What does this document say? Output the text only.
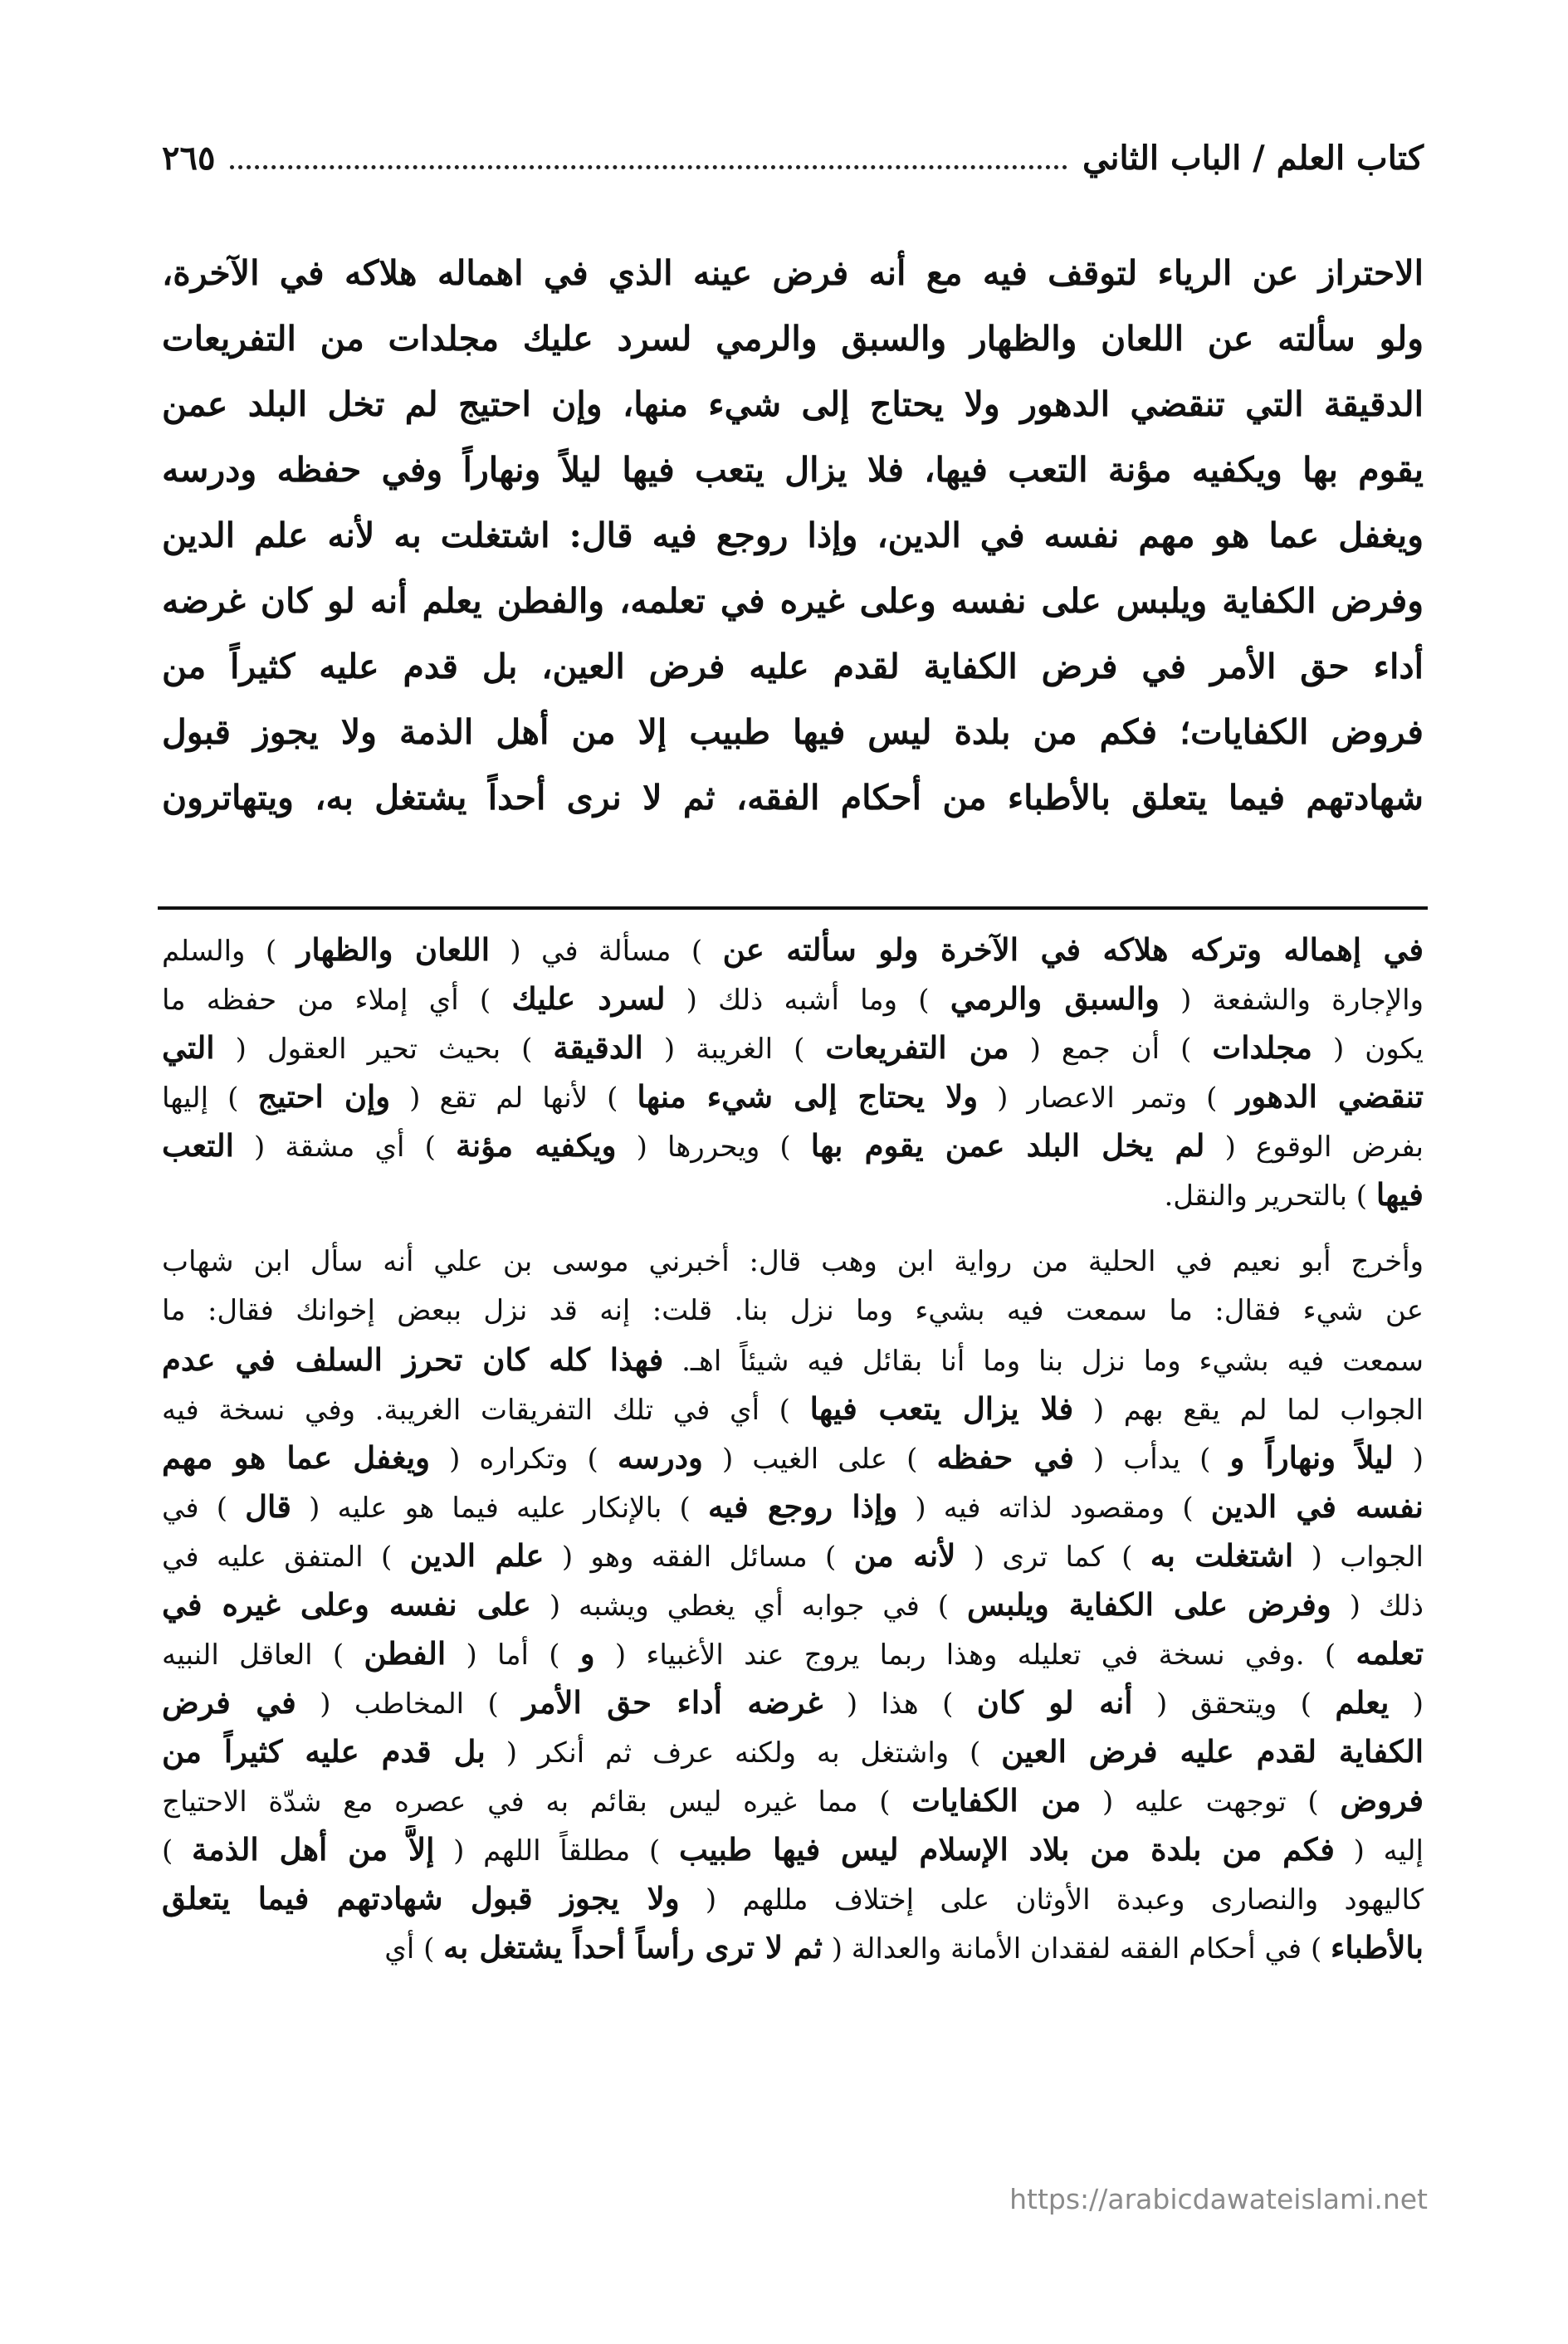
كتاب العلم / الباب الثاني
٢٦٥
الاحتراز عن الرياء لتوقف فيه مع أنه فرض عينه الذي في اهماله هلاكه في الآخرة،
ولو سألته عن اللعان والظهار والسبق والرمي لسرد عليك مجلدات من التفريعات
الدقيقة التي تنقضي الدهور ولا يحتاج إلى شيء منها، وإن احتيج لم تخل البلد عمن
يقوم بها ويكفيه مؤنة التعب فيها، فلا يزال يتعب فيها ليلاً ونهاراً وفي حفظه ودرسه
ويغفل عما هو مهم نفسه في الدين، وإذا روجع فيه قال: اشتغلت به لأنه علم الدين
وفرض الكفاية ويلبس على نفسه وعلى غيره في تعلمه، والفطن يعلم أنه لو كان غرضه
أداء حق الأمر في فرض الكفاية لقدم عليه فرض العين، بل قدم عليه كثيراً من
فروض الكفايات؛ فكم من بلدة ليس فيها طبيب إلا من أهل الذمة ولا يجوز قبول
شهادتهم فيما يتعلق بالأطباء من أحكام الفقه، ثم لا نرى أحداً يشتغل به، ويتهاترون
في إهماله وتركه هلاكه في الآخرة ولو سألته عن ) مسألة في ( اللعان والظهار ) والسلم
والإجارة والشفعة ( والسبق والرمي ) وما أشبه ذلك ( لسرد عليك ) أي إملاء من حفظه ما
يكون ( مجلدات ) أن جمع ( من التفريعات ) الغريبة ( الدقيقة ) بحيث تحير العقول ( التي
تنقضي الدهور ) وتمر الاعصار ( ولا يحتاج إلى شيء منها ) لأنها لم تقع ( وإن احتيج ) إليها
بفرض الوقوع ( لم يخل البلد عمن يقوم بها ) ويحررها ( ويكفيه مؤنة ) أي مشقة ( التعب
فيها ) بالتحرير والنقل.
وأخرج أبو نعيم في الحلية من رواية ابن وهب قال: أخبرني موسى بن علي أنه سأل ابن شهاب
عن شيء فقال: ما سمعت فيه بشيء وما نزل بنا. قلت: إنه قد نزل ببعض إخوانك فقال: ما
سمعت فيه بشيء وما نزل بنا وما أنا بقائل فيه شيئاً اهـ. فهذا كله كان تحرز السلف في عدم
الجواب لما لم يقع بهم ( فلا يزال يتعب فيها ) أي في تلك التفريقات الغريبة. وفي نسخة فيه
( ليلاً ونهاراً و ) يدأب ( في حفظه ) على الغيب ( ودرسه ) وتكراره ( ويغفل عما هو مهم
نفسه في الدين ) ومقصود لذاته فيه ( وإذا روجع فيه ) بالإنكار عليه فيما هو عليه ( قال ) في
الجواب ( اشتغلت به ) كما ترى ( لأنه من ) مسائل الفقه وهو ( علم الدين ) المتفق عليه في
ذلك ( وفرض على الكفاية ويلبس ) في جوابه أي يغطي ويشبه ( على نفسه وعلى غيره في
تعلمه ) .وفي نسخة في تعليله وهذا ربما يروج عند الأغبياء ( و ) أما ( الفطن ) العاقل النبيه
( يعلم ) ويتحقق ( أنه لو كان ) هذا ( غرضه أداء حق الأمر ) المخاطب ( في فرض
الكفاية لقدم عليه فرض العين ) واشتغل به ولكنه عرف ثم أنكر ( بل قدم عليه كثيراً من
فروض ) توجهت عليه ( من الكفايات ) مما غيره ليس بقائم به في عصره مع شدّة الاحتياج
إليه ( فكم من بلدة من بلاد الإسلام ليس فيها طبيب ) مطلقاً اللهم ( إلاَّ من أهل الذمة )
كاليهود والنصارى وعبدة الأوثان على إختلاف مللهم ( ولا يجوز قبول شهادتهم فيما يتعلق
بالأطباء ) في أحكام الفقه لفقدان الأمانة والعدالة ( ثم لا ترى رأساً أحداً يشتغل به ) أي
https://arabicdawateislami.net
